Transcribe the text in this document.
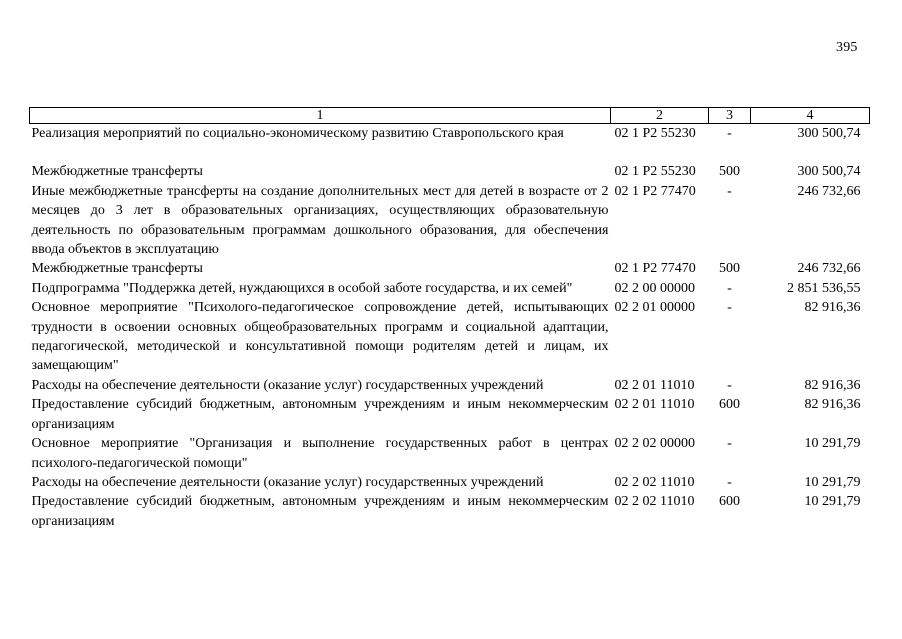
395
1	2	3	4
Реализация мероприятий по социально-экономическому развитию Ставропольского края	02 1 P2 55230	-	300 500,74

Межбюджетные трансферты	02 1 P2 55230	500	300 500,74
Иные межбюджетные трансферты на создание дополнительных мест для детей в возрасте от 2 месяцев до 3 лет в образовательных организациях, осуществляющих образовательную деятельность по образовательным программам дошкольного образования, для обеспечения ввода объектов в эксплуатацию	02 1 P2 77470	-	246 732,66
Межбюджетные трансферты	02 1 P2 77470	500	246 732,66
Подпрограмма "Поддержка детей, нуждающихся в особой заботе государства, и их семей"	02 2 00 00000	-	2 851 536,55
Основное мероприятие "Психолого-педагогическое сопровождение детей, испытывающих трудности в освоении основных общеобразовательных программ и социальной адаптации, педагогической, методической и консультативной помощи родителям детей и лицам, их замещающим"	02 2 01 00000	-	82 916,36
Расходы на обеспечение деятельности (оказание услуг) государственных учреждений	02 2 01 11010	-	82 916,36
Предоставление субсидий бюджетным, автономным учреждениям и иным некоммерческим организациям	02 2 01 11010	600	82 916,36
Основное мероприятие "Организация и выполнение государственных работ в центрах психолого-педагогической помощи"	02 2 02 00000	-	10 291,79
Расходы на обеспечение деятельности (оказание услуг) государственных учреждений	02 2 02 11010	-	10 291,79
Предоставление субсидий бюджетным, автономным учреждениям и иным некоммерческим организациям	02 2 02 11010	600	10 291,79
